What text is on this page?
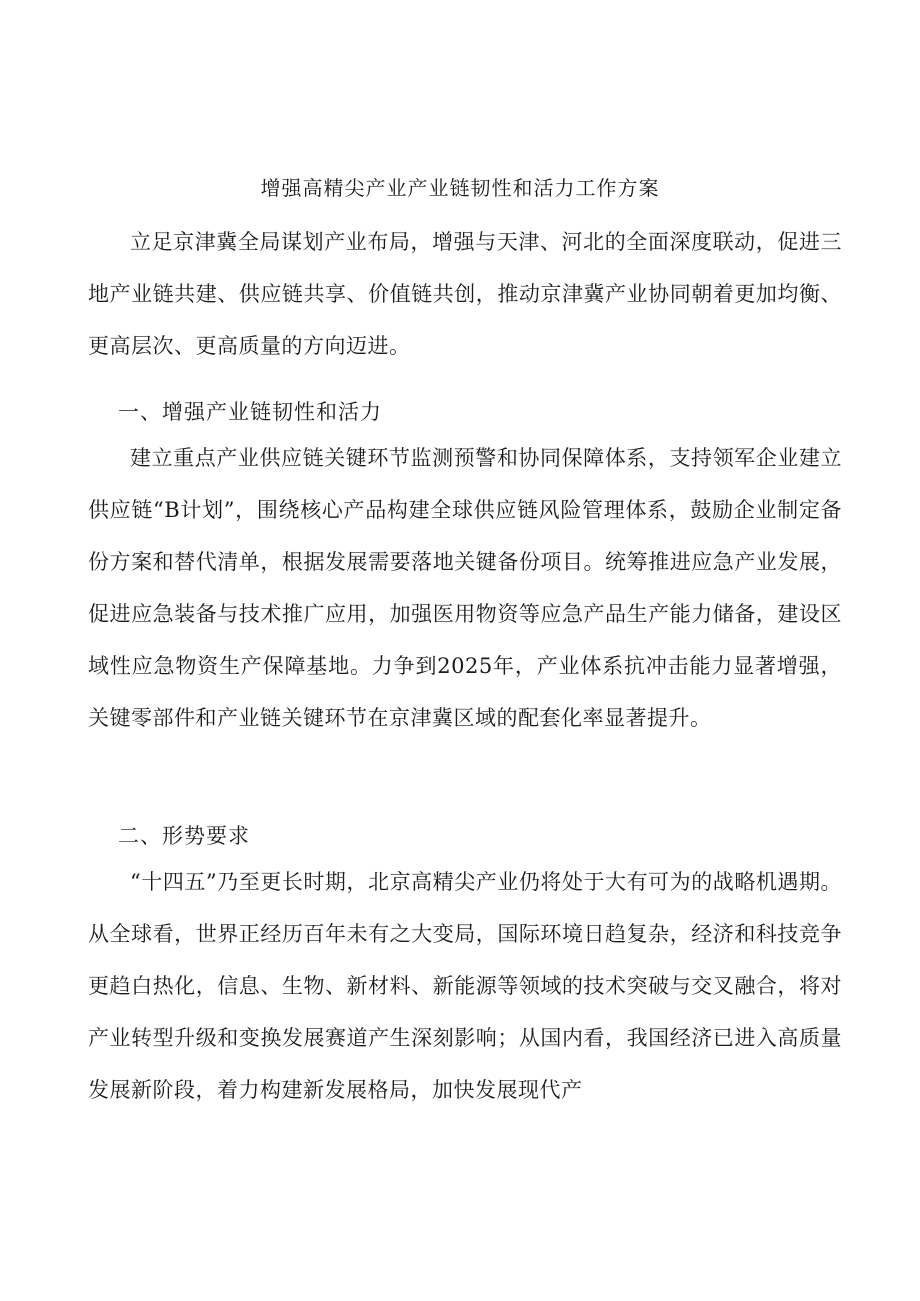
增强高精尖产业产业链韧性和活力工作方案

立足京津冀全局谋划产业布局，增强与天津、河北的全面深度联动，促进三地产业链共建、供应链共享、价值链共创，推动京津冀产业协同朝着更加均衡、更高层次、更高质量的方向迈进。

一、增强产业链韧性和活力

建立重点产业供应链关键环节监测预警和协同保障体系，支持领军企业建立供应链“B计划”，围绕核心产品构建全球供应链风险管理体系，鼓励企业制定备份方案和替代清单，根据发展需要落地关键备份项目。统筹推进应急产业发展，促进应急装备与技术推广应用，加强医用物资等应急产品生产能力储备，建设区域性应急物资生产保障基地。力争到2025年，产业体系抗冲击能力显著增强，关键零部件和产业链关键环节在京津冀区域的配套化率显著提升。

二、形势要求

“十四五”乃至更长时期，北京高精尖产业仍将处于大有可为的战略机遇期。从全球看，世界正经历百年未有之大变局，国际环境日趋复杂，经济和科技竞争更趋白热化，信息、生物、新材料、新能源等领域的技术突破与交叉融合，将对产业转型升级和变换发展赛道产生深刻影响；从国内看，我国经济已进入高质量发展新阶段，着力构建新发展格局，加快发展现代产
